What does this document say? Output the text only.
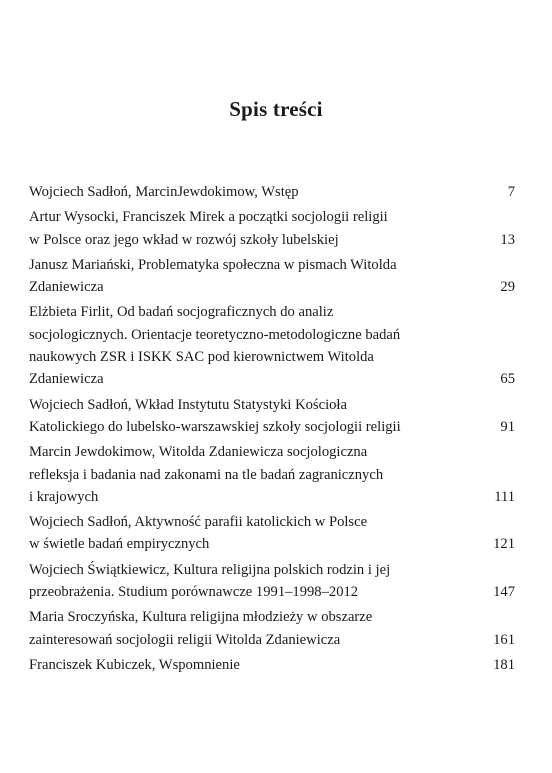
Spis treści
Wojciech Sadłoń, MarcinJewdokimow, Wstęp	7
Artur Wysocki, Franciszek Mirek a początki socjologii religii
w Polsce oraz jego wkład w rozwój szkoły lubelskiej	13
Janusz Mariański, Problematyka społeczna w pismach Witolda
Zdaniewicza	29
Elżbieta Firlit, Od badań socjograficznych do analiz
socjologicznych. Orientacje teoretyczno-metodologiczne badań
naukowych ZSR i ISKK SAC pod kierownictwem Witolda
Zdaniewicza	65
Wojciech Sadłoń, Wkład Instytutu Statystyki Kościoła
Katolickiego do lubelsko-warszawskiej szkoły socjologii religii	91
Marcin Jewdokimow, Witolda Zdaniewicza socjologiczna
refleksja i badania nad zakonami na tle badań zagranicznych
i krajowych	111
Wojciech Sadłoń, Aktywność parafii katolickich w Polsce
w świetle badań empirycznych	121
Wojciech Świątkiewicz, Kultura religijna polskich rodzin i jej
przeobrażenia. Studium porównawcze 1991–1998–2012	147
Maria Sroczyńska, Kultura religijna młodzieży w obszarze
zainteresowań socjologii religii Witolda Zdaniewicza	161
Franciszek Kubiczek, Wspomnienie	181
